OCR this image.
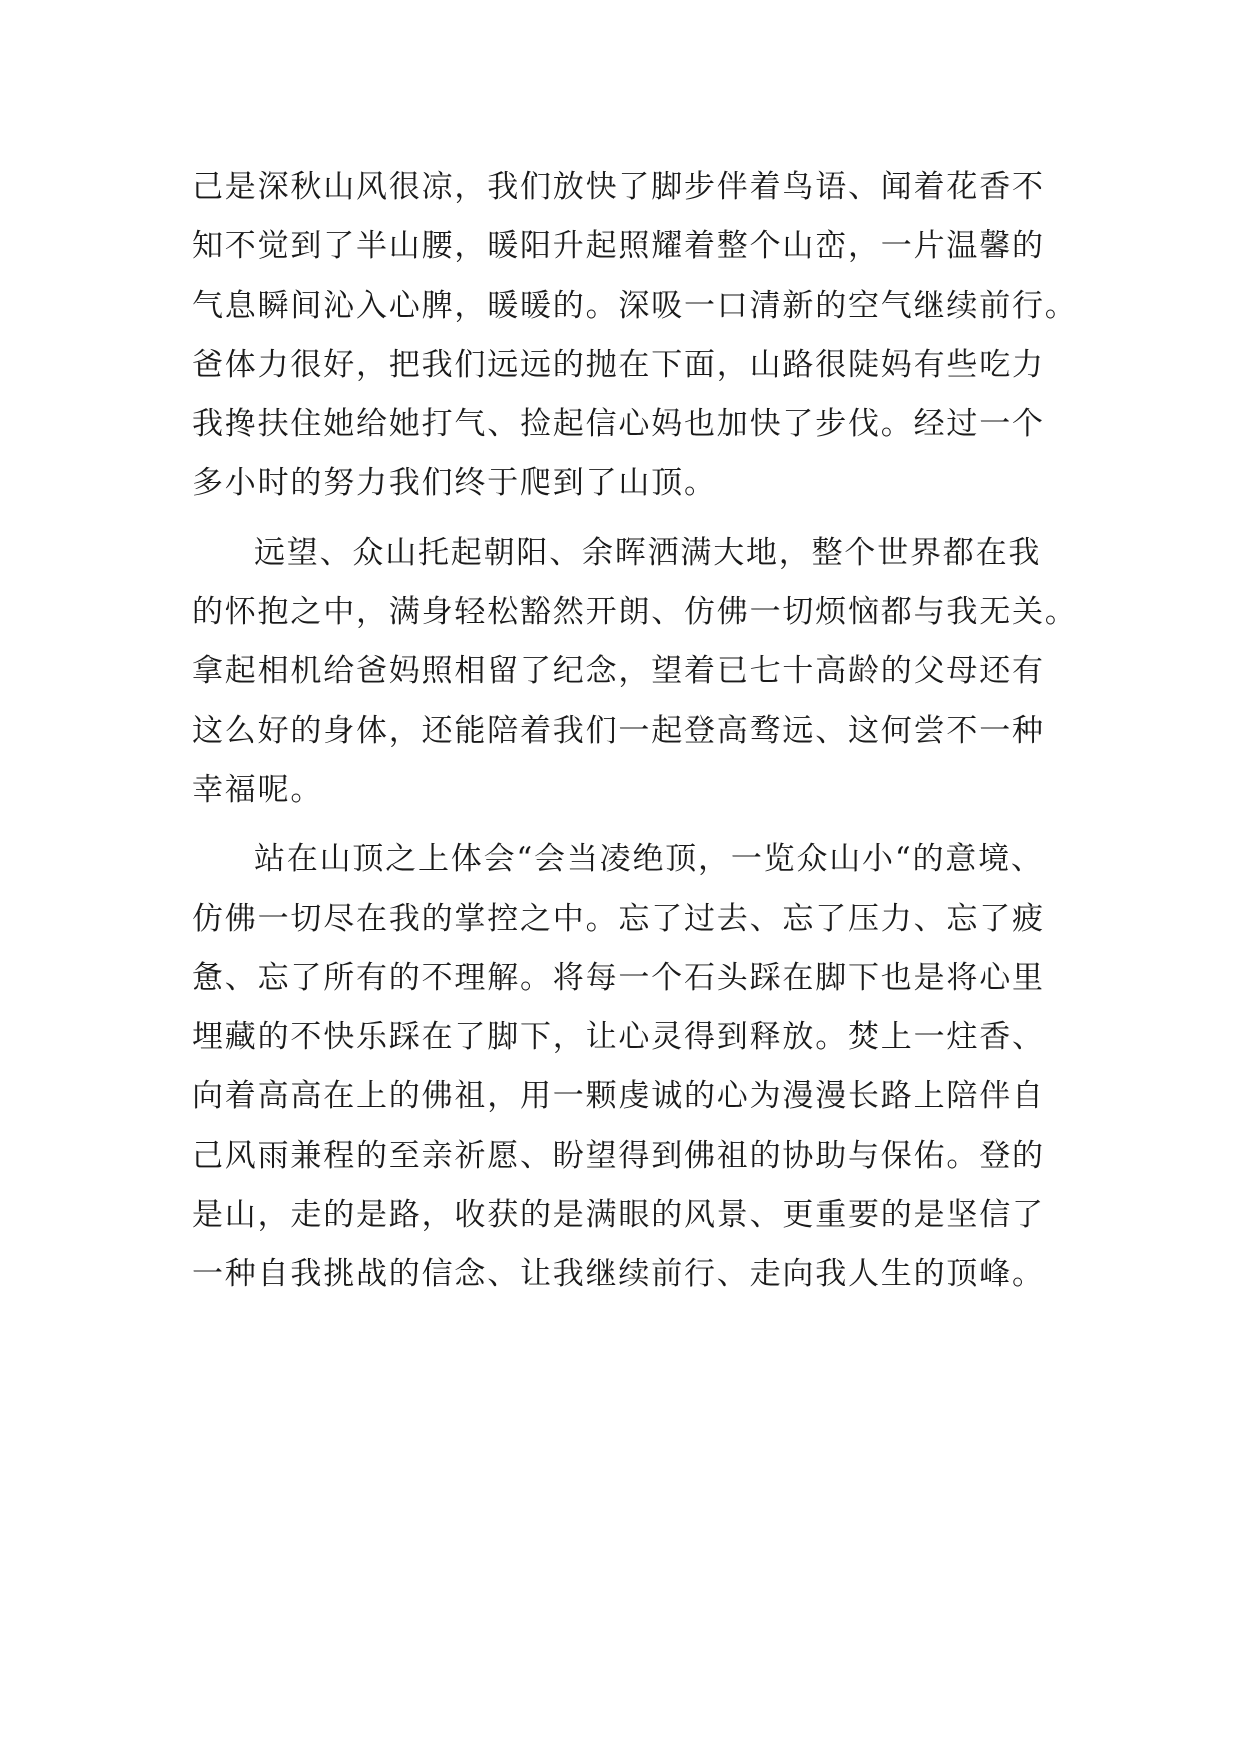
己是深秋山风很凉，我们放快了脚步伴着鸟语、闻着花香不
知不觉到了半山腰，暖阳升起照耀着整个山峦，一片温馨的
气息瞬间沁入心脾，暖暖的。深吸一口清新的空气继续前行。
爸体力很好，把我们远远的抛在下面，山路很陡妈有些吃力
我搀扶住她给她打气、捡起信心妈也加快了步伐。经过一个
多小时的努力我们终于爬到了山顶。
远望、众山托起朝阳、余晖洒满大地，整个世界都在我
的怀抱之中，满身轻松豁然开朗、仿佛一切烦恼都与我无关。
拿起相机给爸妈照相留了纪念，望着已七十高龄的父母还有
这么好的身体，还能陪着我们一起登高骛远、这何尝不一种
幸福呢。
站在山顶之上体会“会当凌绝顶，一览众山小“的意境、
仿佛一切尽在我的掌控之中。忘了过去、忘了压力、忘了疲
惫、忘了所有的不理解。将每一个石头踩在脚下也是将心里
埋藏的不快乐踩在了脚下，让心灵得到释放。焚上一炷香、
向着高高在上的佛祖，用一颗虔诚的心为漫漫长路上陪伴自
己风雨兼程的至亲祈愿、盼望得到佛祖的协助与保佑。登的
是山，走的是路，收获的是满眼的风景、更重要的是坚信了
一种自我挑战的信念、让我继续前行、走向我人生的顶峰。
